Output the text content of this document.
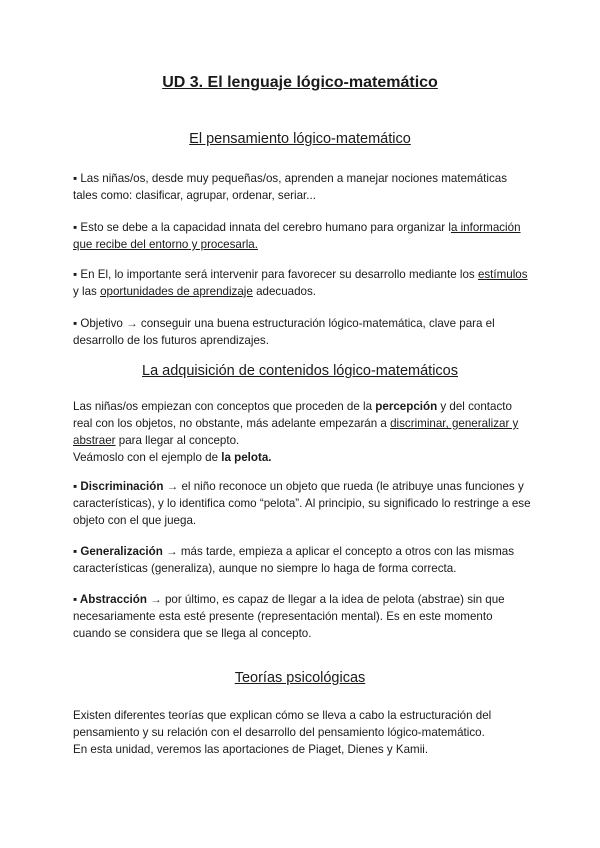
UD 3. El lenguaje lógico-matemático
El pensamiento lógico-matemático
▪ Las niñas/os, desde muy pequeñas/os, aprenden a manejar nociones matemáticas tales como: clasificar, agrupar, ordenar, seriar...
▪ Esto se debe a la capacidad innata del cerebro humano para organizar la información que recibe del entorno y procesarla.
▪ En El, lo importante será intervenir para favorecer su desarrollo mediante los estímulos y las oportunidades de aprendizaje adecuados.
▪ Objetivo → conseguir una buena estructuración lógico-matemática, clave para el desarrollo de los futuros aprendizajes.
La adquisición de contenidos lógico-matemáticos
Las niñas/os empiezan con conceptos que proceden de la percepción y del contacto real con los objetos, no obstante, más adelante empezarán a discriminar, generalizar y abstraer para llegar al concepto.
Veámoslo con el ejemplo de la pelota.
▪ Discriminación → el niño reconoce un objeto que rueda (le atribuye unas funciones y características), y lo identifica como “pelota”. Al principio, su significado lo restringe a ese objeto con el que juega.
▪ Generalización → más tarde, empieza a aplicar el concepto a otros con las mismas características (generaliza), aunque no siempre lo haga de forma correcta.
▪ Abstracción → por último, es capaz de llegar a la idea de pelota (abstrae) sin que necesariamente esta esté presente (representación mental). Es en este momento cuando se considera que se llega al concepto.
Teorías psicológicas
Existen diferentes teorías que explican cómo se lleva a cabo la estructuración del pensamiento y su relación con el desarrollo del pensamiento lógico-matemático.
En esta unidad, veremos las aportaciones de Piaget, Dienes y Kamii.
